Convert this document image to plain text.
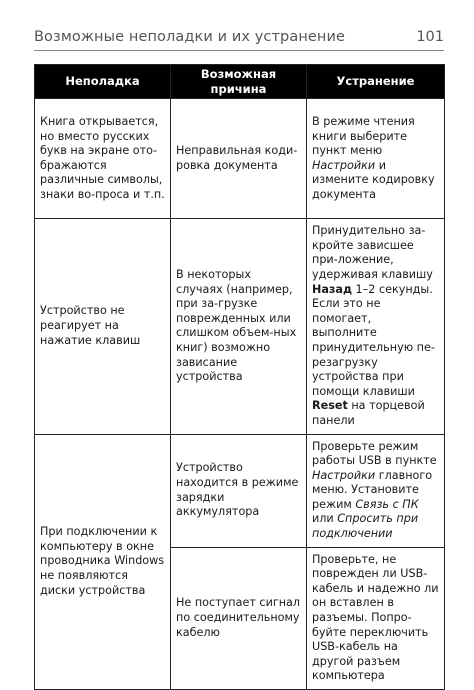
Возможные неполадки и их устранение	101
Неполадка	Возможная причина	Устранение
Книга открывается, но вместо русских букв на экране ото-бражаются различные символы, знаки во-проса и т.п.	Неправильная коди-ровка документа	В режиме чтения книги выберите пункт меню Настройки и измените кодировку документа
Устройство не реагирует на нажатие клавиш	В некоторых случаях (например, при за-грузке поврежденных или слишком объем-ных книг) возможно зависание устройства	Принудительно за-кройте зависшее при-ложение, удерживая клавишу Назад 1–2 секунды. Если это не помогает, выполните принудительную пе-резагрузку устройства при помощи клавиши Reset на торцевой панели
При подключении к компьютеру в окне проводника Windows не появляются диски устройства	Устройство находится в режиме зарядки аккумулятора	Проверьте режим работы USB в пункте Настройки главного меню. Установите режим Связь с ПК или Спросить при подключении
	Не поступает сигнал по соединительному кабелю	Проверьте, не поврежден ли USB-кабель и надежно ли он вставлен в разъемы. Попро-буйте переключить USB-кабель на другой разъем компьютера
